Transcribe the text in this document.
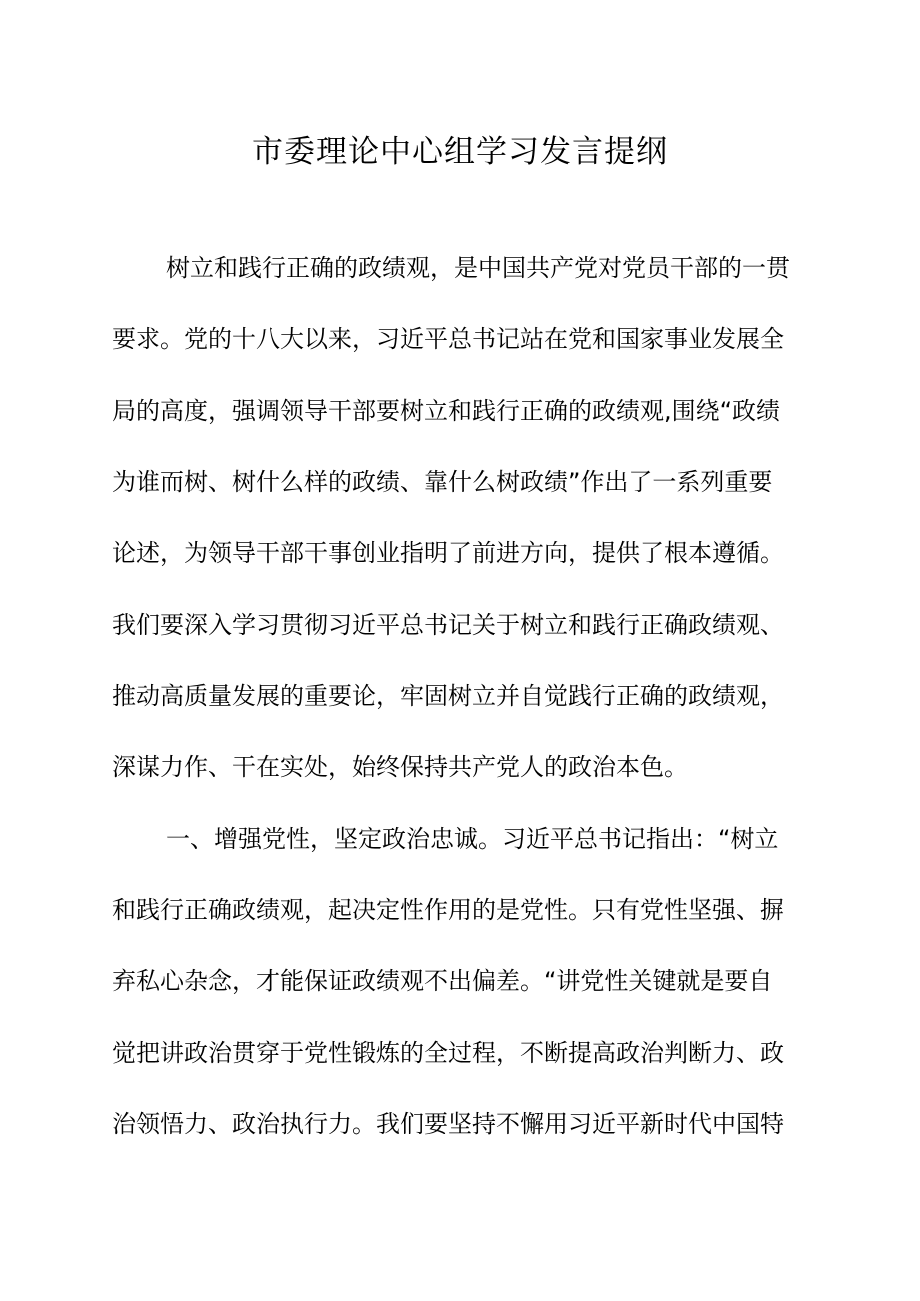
市委理论中心组学习发言提纲

树立和践行正确的政绩观，是中国共产党对党员干部的一贯

要求。党的十八大以来，习近平总书记站在党和国家事业发展全

局的高度，强调领导干部要树立和践行正确的政绩观,围绕“政绩

为谁而树、树什么样的政绩、靠什么树政绩”作出了一系列重要

论述，为领导干部干事创业指明了前进方向，提供了根本遵循。

我们要深入学习贯彻习近平总书记关于树立和践行正确政绩观、

推动高质量发展的重要论，牢固树立并自觉践行正确的政绩观，

深谋力作、干在实处，始终保持共产党人的政治本色。

一、增强党性，坚定政治忠诚。习近平总书记指出：“树立

和践行正确政绩观，起决定性作用的是党性。只有党性坚强、摒

弃私心杂念，才能保证政绩观不出偏差。“讲党性关键就是要自

觉把讲政治贯穿于党性锻炼的全过程，不断提高政治判断力、政

治领悟力、政治执行力。我们要坚持不懈用习近平新时代中国特
